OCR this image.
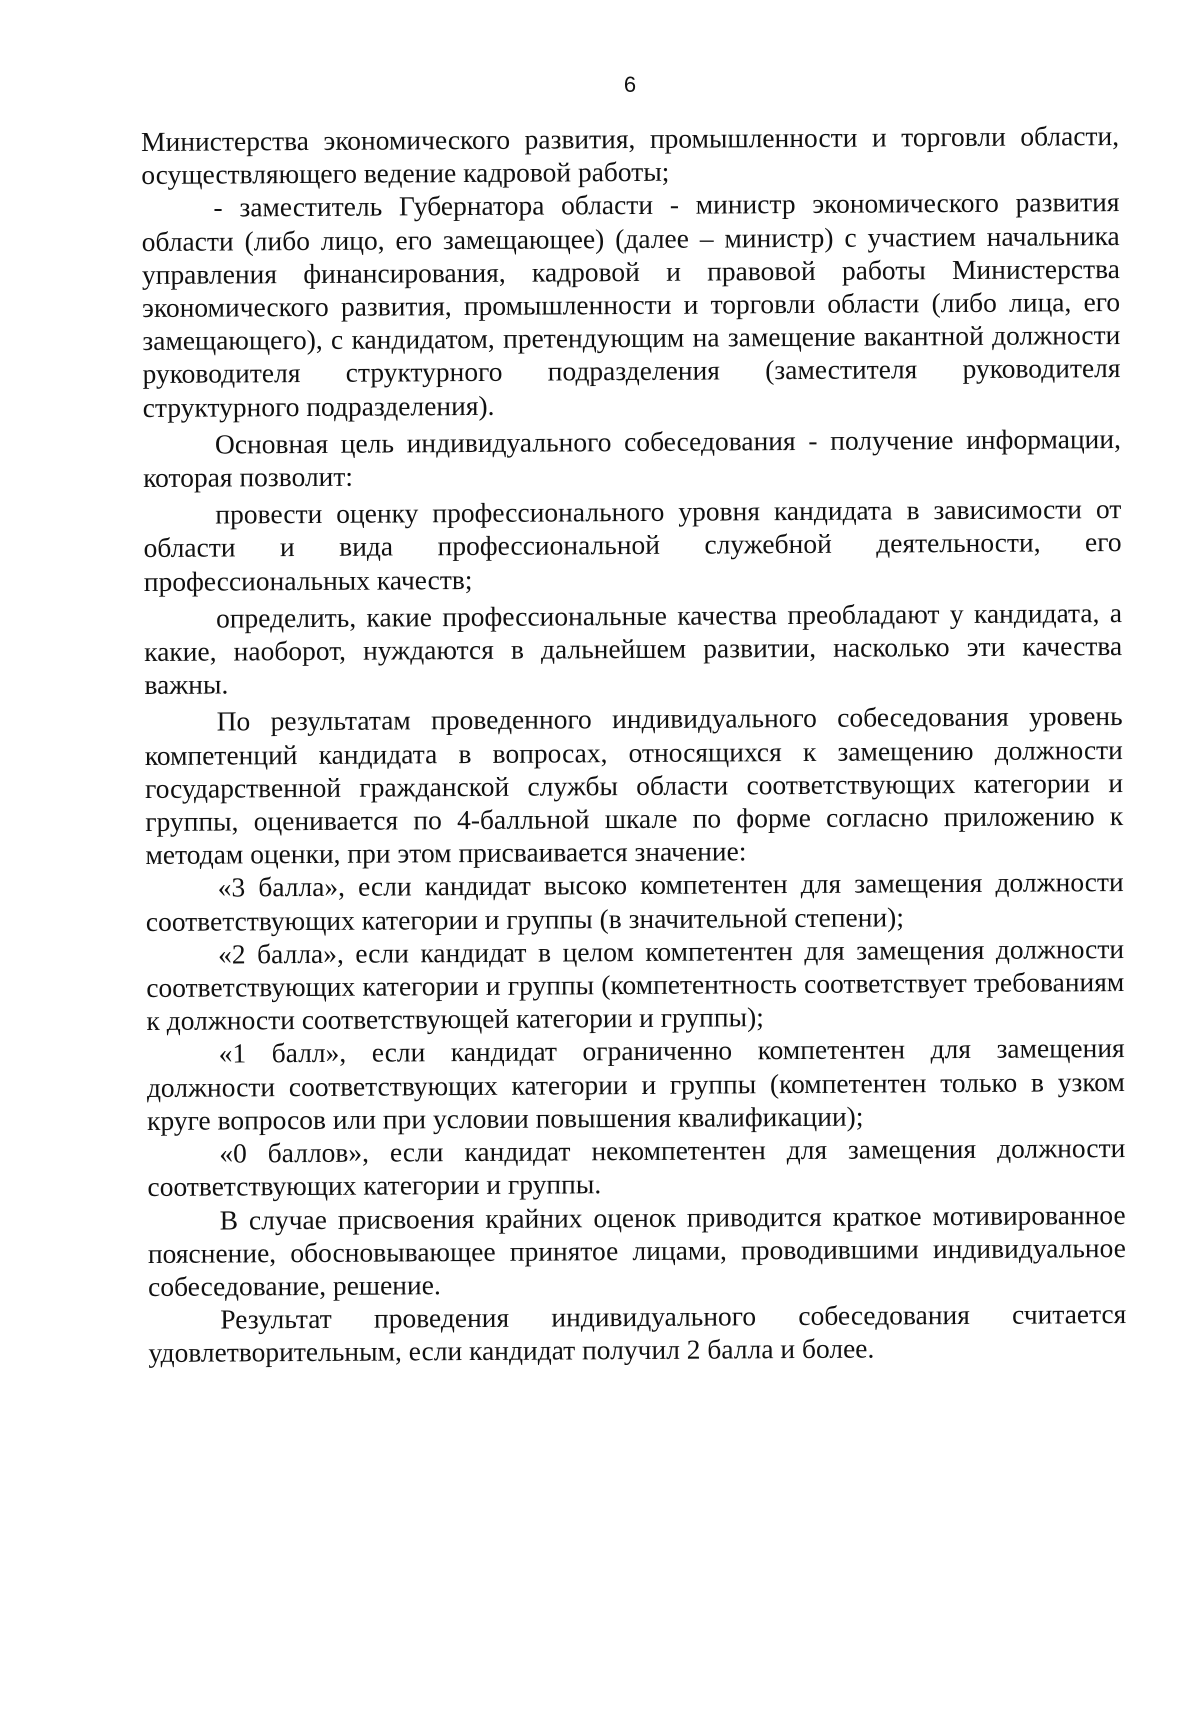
6

Министерства экономического развития, промышленности и торговли области, осуществляющего ведение кадровой работы;

- заместитель Губернатора области - министр экономического развития области (либо лицо, его замещающее) (далее – министр) с участием начальника управления финансирования, кадровой и правовой работы Министерства экономического развития, промышленности и торговли области (либо лица, его замещающего), с кандидатом, претендующим на замещение вакантной должности руководителя структурного подразделения (заместителя руководителя структурного подразделения).

Основная цель индивидуального собеседования - получение информации, которая позволит:

провести оценку профессионального уровня кандидата в зависимости от области и вида профессиональной служебной деятельности, его профессиональных качеств;

определить, какие профессиональные качества преобладают у кандидата, а какие, наоборот, нуждаются в дальнейшем развитии, насколько эти качества важны.

По результатам проведенного индивидуального собеседования уровень компетенций кандидата в вопросах, относящихся к замещению должности государственной гражданской службы области соответствующих категории и группы, оценивается по 4-балльной шкале по форме согласно приложению к методам оценки, при этом присваивается значение:

«3 балла», если кандидат высоко компетентен для замещения должности соответствующих категории и группы (в значительной степени);

«2 балла», если кандидат в целом компетентен для замещения должности соответствующих категории и группы (компетентность соответствует требованиям к должности соответствующей категории и группы);

«1 балл», если кандидат ограниченно компетентен для замещения должности соответствующих категории и группы (компетентен только в узком круге вопросов или при условии повышения квалификации);

«0 баллов», если кандидат некомпетентен для замещения должности соответствующих категории и группы.

В случае присвоения крайних оценок приводится краткое мотивированное пояснение, обосновывающее принятое лицами, проводившими индивидуальное собеседование, решение.

Результат проведения индивидуального собеседования считается удовлетворительным, если кандидат получил 2 балла и более.
